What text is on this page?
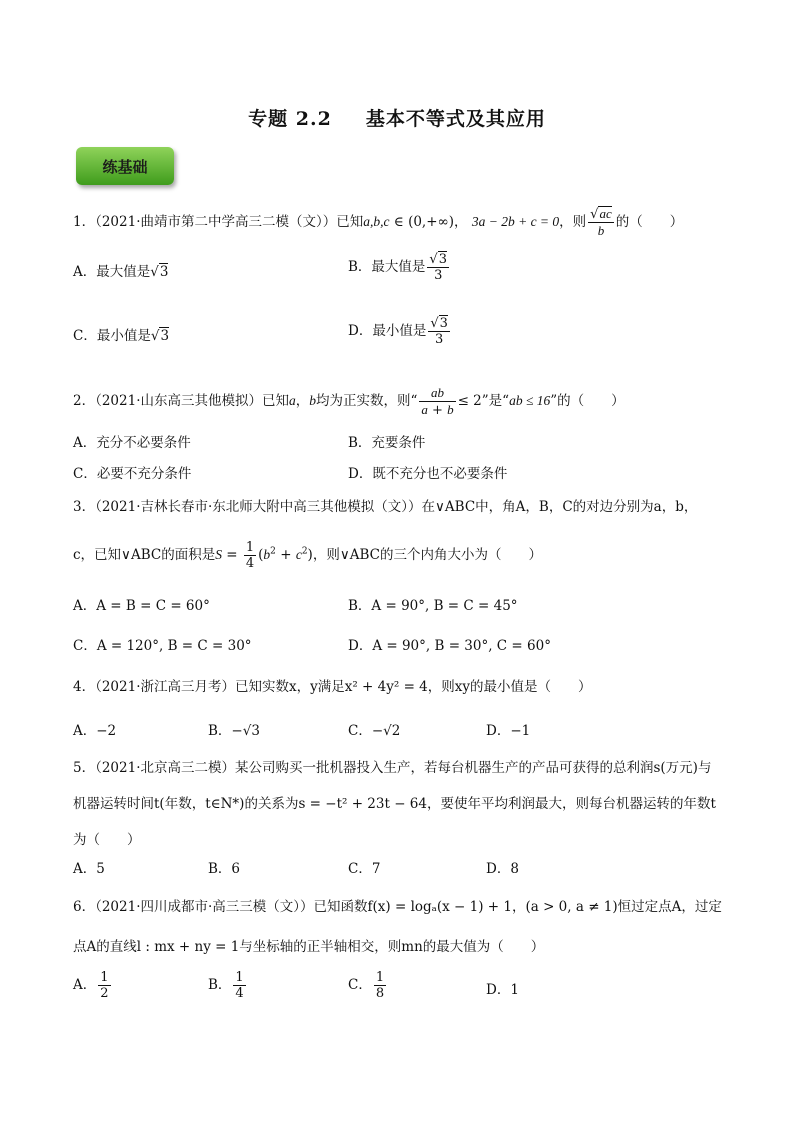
专题 2.2 基本不等式及其应用
练基础
1．（2021·曲靖市第二中学高三二模（文））已知a,b,c ∈ (0,+∞)， 3a − 2b + c = 0，则 $\frac{√ac}{b}$ 的（　　）
A．最大值是√3	B．最大值是 $\frac{√3}{3}$
C．最小值是√3	D．最小值是 $\frac{√3}{3}$
2．（2021·山东高三其他模拟）已知a，b均为正实数，则“ $\frac{ab}{a + b} \le 2$”是“ab ≤ 16”的（　　）
A．充分不必要条件	B．充要条件
C．必要不充分条件	D．既不充分也不必要条件
3．（2021·吉林长春市·东北师大附中高三其他模拟（文））在∨ABC中，角A，B，C的对边分别为a，b，
c，已知∨ABC的面积是$S = \frac{1}{4} (b^2 + c^2)$，则∨ABC的三个内角大小为（　　）
A．A = B = C = 60°	B．A = 90°, B = C = 45°
C．A = 120°, B = C = 30°	D．A = 90°, B = 30°, C = 60°
4．（2021·浙江高三月考）已知实数x，y满足x² + 4y² = 4，则xy的最小值是（　　）
A．−2	B．−√3	C．−√2	D．−1
5．（2021·北京高三二模）某公司购买一批机器投入生产，若每台机器生产的产品可获得的总利润s(万元)与
机器运转时间t(年数，t∈N*)的关系为s = −t² + 23t − 64，要使年平均利润最大，则每台机器运转的年数t
为（　　）
A．5	B．6	C．7	D．8
6．（2021·四川成都市·高三三模（文））已知函数f(x) = logₐ(x − 1) + 1，(a > 0, a ≠ 1)恒过定点A，过定
点A的直线l : mx + ny = 1与坐标轴的正半轴相交，则mn的最大值为（　　）
A． $\frac{1}{2}$	B． $\frac{1}{4}$	C． $\frac{1}{8}$	D．1
